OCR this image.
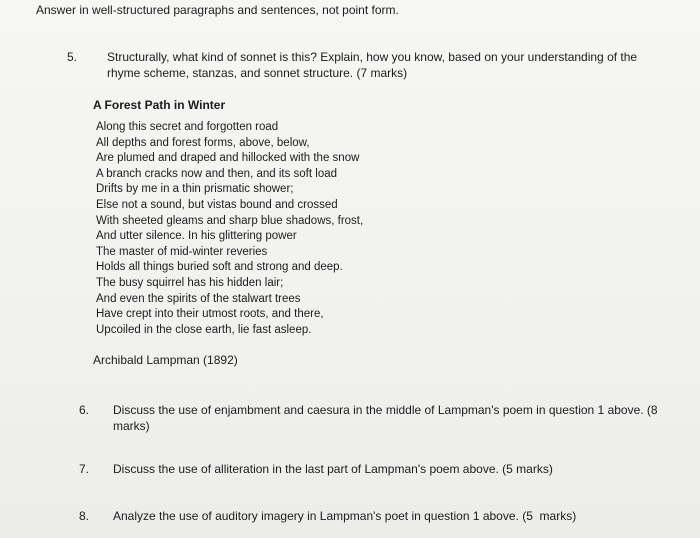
Answer in well-structured paragraphs and sentences, not point form.
5. Structurally, what kind of sonnet is this? Explain, how you know, based on your understanding of the rhyme scheme, stanzas, and sonnet structure. (7 marks)
A Forest Path in Winter
Along this secret and forgotten road
All depths and forest forms, above, below,
Are plumed and draped and hillocked with the snow
A branch cracks now and then, and its soft load
Drifts by me in a thin prismatic shower;
Else not a sound, but vistas bound and crossed
With sheeted gleams and sharp blue shadows, frost,
And utter silence. In his glittering power
The master of mid-winter reveries
Holds all things buried soft and strong and deep.
The busy squirrel has his hidden lair;
And even the spirits of the stalwart trees
Have crept into their utmost roots, and there,
Upcoiled in the close earth, lie fast asleep.
Archibald Lampman (1892)
6. Discuss the use of enjambment and caesura in the middle of Lampman's poem in question 1 above. (8 marks)
7. Discuss the use of alliteration in the last part of Lampman's poem above. (5 marks)
8. Analyze the use of auditory imagery in Lampman's poet in question 1 above. (5  marks)
